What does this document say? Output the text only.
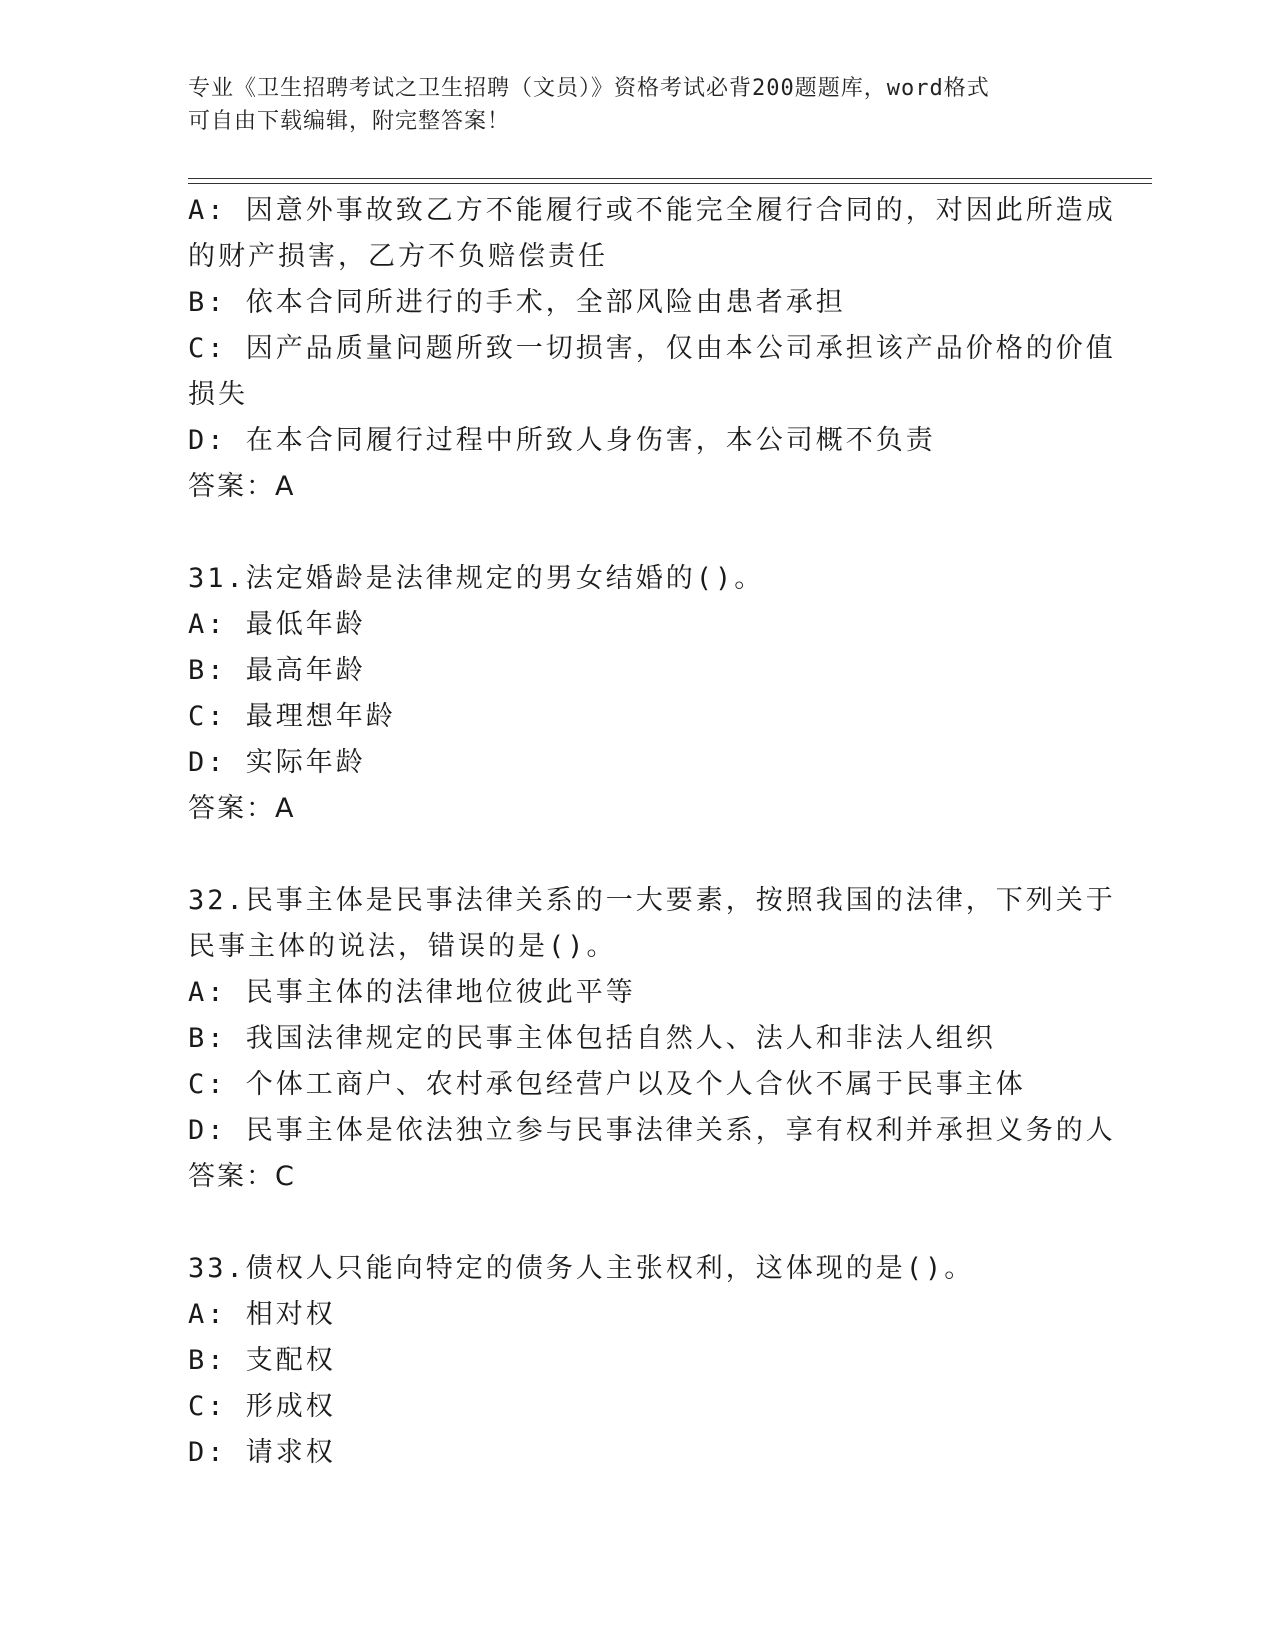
专业《卫生招聘考试之卫生招聘（文员）》资格考试必背200题题库，word格式
可自由下载编辑，附完整答案！
A: 因意外事故致乙方不能履行或不能完全履行合同的，对因此所造成
的财产损害，乙方不负赔偿责任
B: 依本合同所进行的手术，全部风险由患者承担
C: 因产品质量问题所致一切损害，仅由本公司承担该产品价格的价值
损失
D: 在本合同履行过程中所致人身伤害，本公司概不负责
答案：A
31.法定婚龄是法律规定的男女结婚的()。
A: 最低年龄
B: 最高年龄
C: 最理想年龄
D: 实际年龄
答案：A
32.民事主体是民事法律关系的一大要素，按照我国的法律，下列关于
民事主体的说法，错误的是()。
A: 民事主体的法律地位彼此平等
B: 我国法律规定的民事主体包括自然人、法人和非法人组织
C: 个体工商户、农村承包经营户以及个人合伙不属于民事主体
D: 民事主体是依法独立参与民事法律关系，享有权利并承担义务的人
答案：C
33.债权人只能向特定的债务人主张权利，这体现的是()。
A: 相对权
B: 支配权
C: 形成权
D: 请求权
